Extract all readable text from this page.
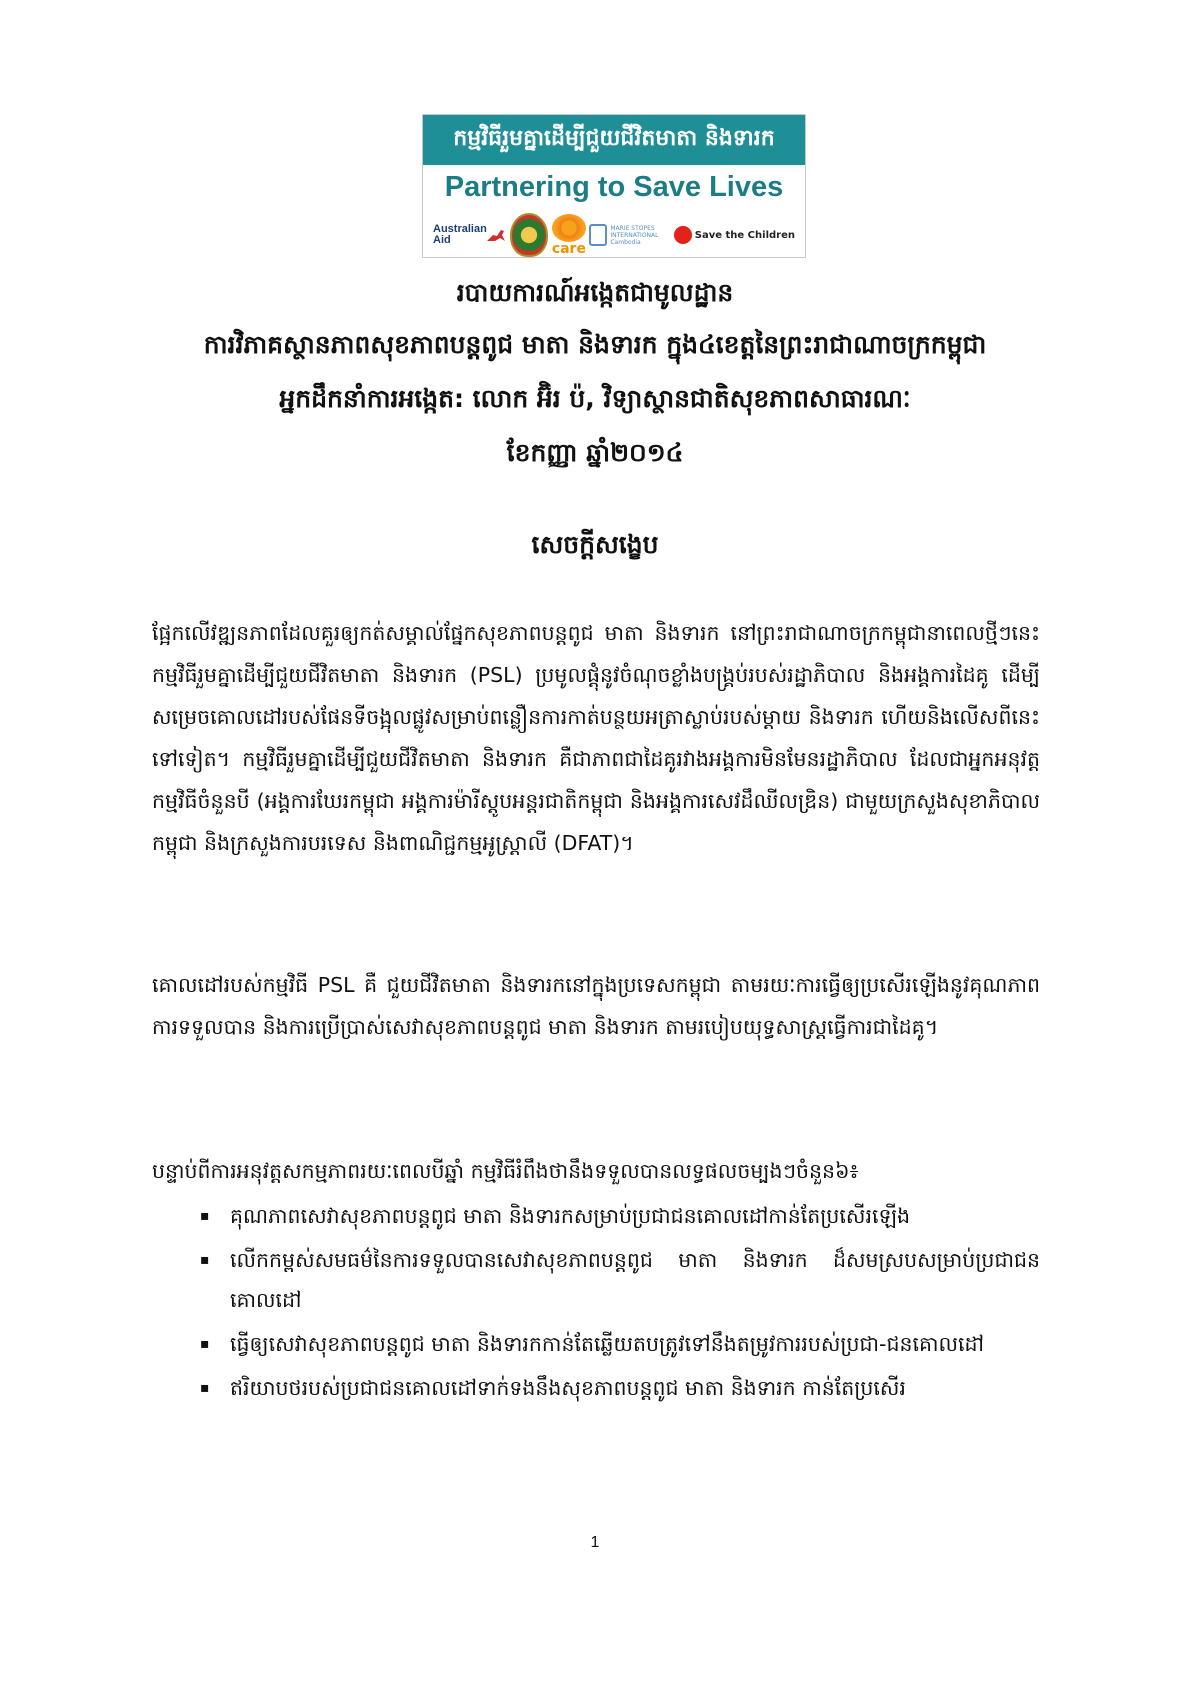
កម្មវិធីរួមគ្នាដើម្បីជួយជីវិតមាតា និងទារក
Partnering to Save Lives
Australian Aid
care
MARIE STOPES INTERNATIONAL Cambodia
Save the Children
របាយការណ៍អង្កេតជាមូលដ្ឋាន
ការវិភាគស្ថានភាពសុខភាពបន្តពូជ មាតា និងទារក ក្នុង៤ខេត្តនៃព្រះរាជាណាចក្រកម្ពុជា
អ្នកដឹកនាំការអង្កេត: លោក អ៊ិរ ប៉, វិទ្យាស្ថានជាតិសុខភាពសាធារណៈ
ខែកញ្ញា ឆ្នាំ២០១៤
សេចក្តីសង្ខេប
ផ្អែកលើវឌ្ឍនភាពដែលគួរឲ្យកត់សម្គាល់ផ្នែកសុខភាពបន្តពូជ មាតា និងទារក នៅព្រះរាជាណាចក្រកម្ពុជានាពេលថ្មីៗនេះ កម្មវិធីរួមគ្នាដើម្បីជួយជីវិតមាតា និងទារក (PSL) ប្រមូលផ្តុំនូវចំណុចខ្លាំងបង្គ្រប់របស់រដ្ឋាភិបាល និងអង្គការដៃគូ ដើម្បីសម្រេចគោលដៅរបស់ផែនទីចង្អុលផ្លូវសម្រាប់ពន្លឿនការកាត់បន្ថយអត្រាស្លាប់របស់ម្តាយ និងទារក ហើយនិងលើសពីនេះទៅទៀត។ កម្មវិធីរួមគ្នាដើម្បីជួយជីវិតមាតា និងទារក គឺជាភាពជាដៃគូរវាងអង្គការមិនមែនរដ្ឋាភិបាល ដែលជាអ្នកអនុវត្តកម្មវិធីចំនួនបី (អង្គការឃែរកម្ពុជា អង្គការម៉ារីស្តូបអន្តរជាតិកម្ពុជា និងអង្គការសេវដឹឈីលឌ្រិន) ជាមួយក្រសួងសុខាភិបាលកម្ពុជា និងក្រសួងការបរទេស និងពាណិជ្ជកម្មអូស្ត្រាលី (DFAT)។
គោលដៅរបស់កម្មវិធី PSL គឺ ជួយជីវិតមាតា និងទារកនៅក្នុងប្រទេសកម្ពុជា តាមរយៈការធ្វើឲ្យប្រសើរឡើងនូវគុណភាព ការទទួលបាន និងការប្រើប្រាស់សេវាសុខភាពបន្តពូជ មាតា និងទារក តាមរបៀបយុទ្ធសាស្ត្រធ្វើការជាដៃគូ។
បន្ទាប់ពីការអនុវត្តសកម្មភាពរយៈពេលបីឆ្នាំ កម្មវិធីរំពឹងថានឹងទទួលបានលទ្ធផលចម្បងៗចំនួន៦៖
▪ គុណភាពសេវាសុខភាពបន្តពូជ មាតា និងទារកសម្រាប់ប្រជាជនគោលដៅកាន់តែប្រសើរឡើង
▪ លើកកម្ពស់សមធម៌នៃការទទួលបានសេវាសុខភាពបន្តពូជ មាតា និងទារក ដ៏សមស្របសម្រាប់ប្រជាជនគោលដៅ
▪ ធ្វើឲ្យសេវាសុខភាពបន្តពូជ មាតា និងទារកកាន់តែឆ្លើយតបត្រូវទៅនឹងតម្រូវការរបស់ប្រជា-ជនគោលដៅ
▪ ឥរិយាបថរបស់ប្រជាជនគោលដៅទាក់ទងនឹងសុខភាពបន្តពូជ មាតា និងទារក កាន់តែប្រសើរ
1
